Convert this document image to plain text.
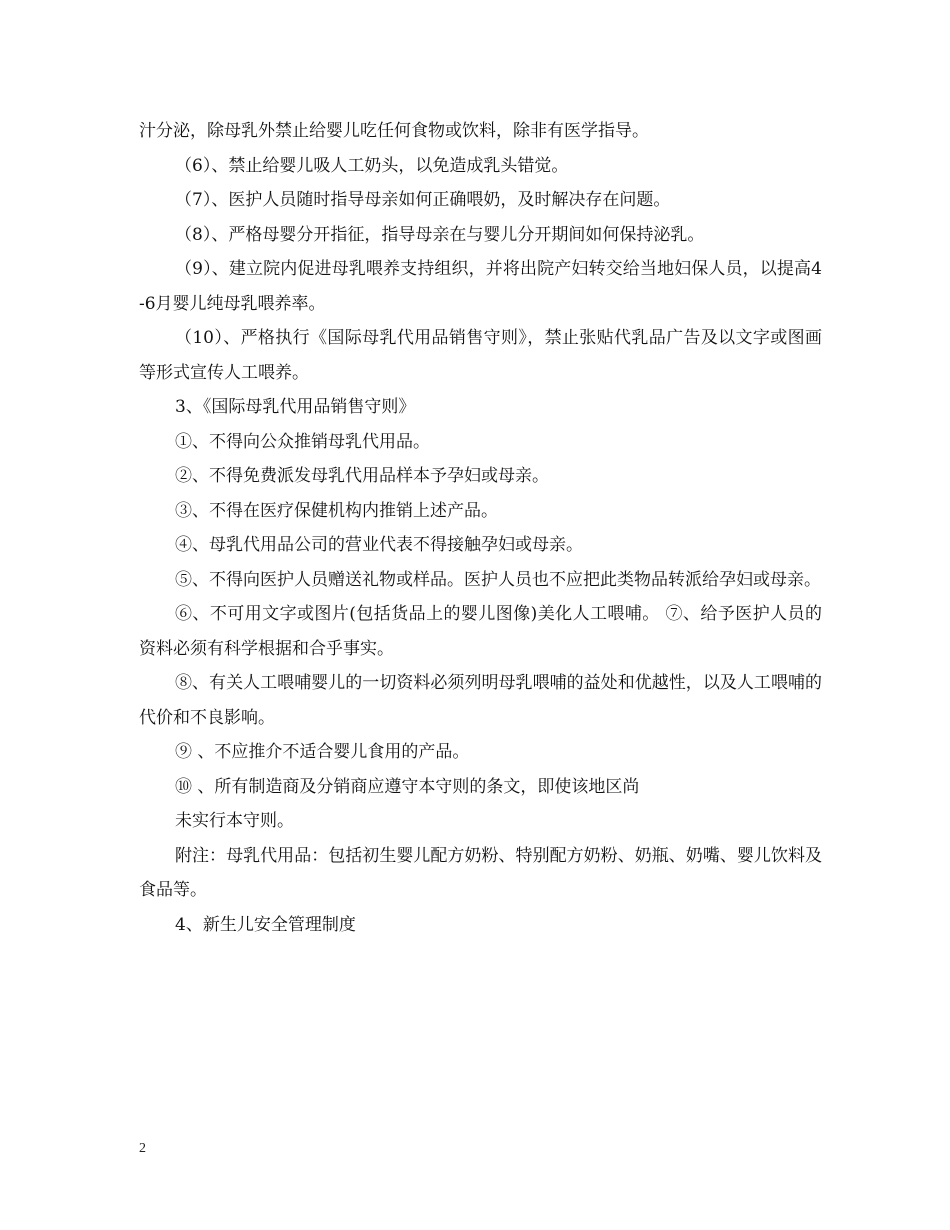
汁分泌，除母乳外禁止给婴儿吃任何食物或饮料，除非有医学指导。

（6）、禁止给婴儿吸人工奶头，以免造成乳头错觉。

（7）、医护人员随时指导母亲如何正确喂奶，及时解决存在问题。

（8）、严格母婴分开指征，指导母亲在与婴儿分开期间如何保持泌乳。

（9）、建立院内促进母乳喂养支持组织，并将出院产妇转交给当地妇保人员，以提高4-6月婴儿纯母乳喂养率。

（10）、严格执行《国际母乳代用品销售守则》，禁止张贴代乳品广告及以文字或图画等形式宣传人工喂养。

3、《国际母乳代用品销售守则》

①、不得向公众推销母乳代用品。

②、不得免费派发母乳代用品样本予孕妇或母亲。

③、不得在医疗保健机构内推销上述产品。

④、母乳代用品公司的营业代表不得接触孕妇或母亲。

⑤、不得向医护人员赠送礼物或样品。医护人员也不应把此类物品转派给孕妇或母亲。

⑥、不可用文字或图片(包括货品上的婴儿图像)美化人工喂哺。 ⑦、给予医护人员的资料必须有科学根据和合乎事实。

⑧、有关人工喂哺婴儿的一切资料必须列明母乳喂哺的益处和优越性，以及人工喂哺的代价和不良影响。

⑨ 、不应推介不适合婴儿食用的产品。

⑩ 、所有制造商及分销商应遵守本守则的条文，即使该地区尚

未实行本守则。

附注：母乳代用品：包括初生婴儿配方奶粉、特别配方奶粉、奶瓶、奶嘴、婴儿饮料及食品等。

4、新生儿安全管理制度

2
